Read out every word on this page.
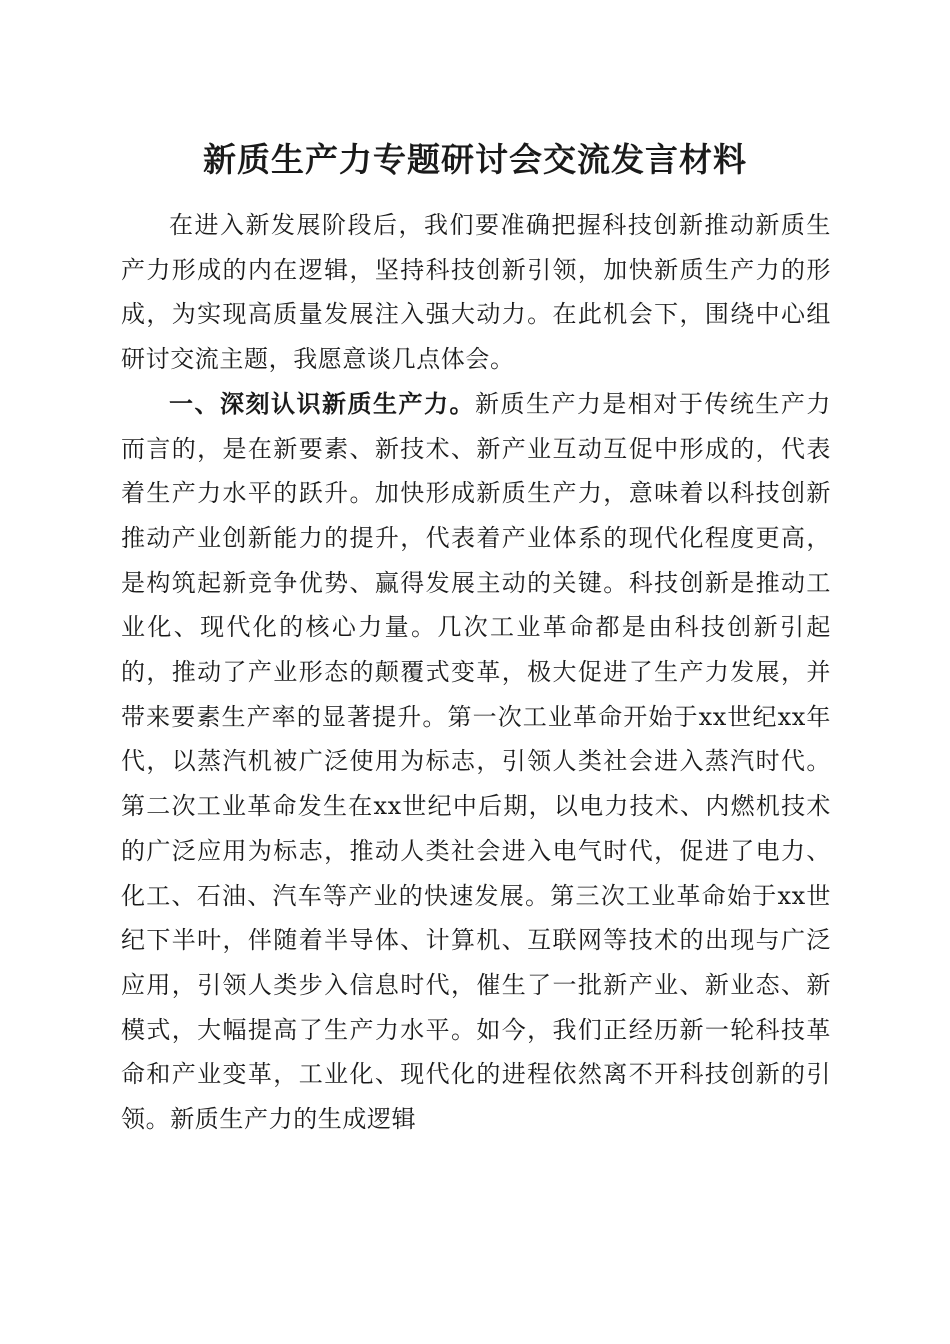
新质生产力专题研讨会交流发言材料

在进入新发展阶段后，我们要准确把握科技创新推动新质生产力形成的内在逻辑，坚持科技创新引领，加快新质生产力的形成，为实现高质量发展注入强大动力。在此机会下，围绕中心组研讨交流主题，我愿意谈几点体会。

一、深刻认识新质生产力。新质生产力是相对于传统生产力而言的，是在新要素、新技术、新产业互动互促中形成的，代表着生产力水平的跃升。加快形成新质生产力，意味着以科技创新推动产业创新能力的提升，代表着产业体系的现代化程度更高，是构筑起新竞争优势、赢得发展主动的关键。科技创新是推动工业化、现代化的核心力量。几次工业革命都是由科技创新引起的，推动了产业形态的颠覆式变革，极大促进了生产力发展，并带来要素生产率的显著提升。第一次工业革命开始于xx世纪xx年代，以蒸汽机被广泛使用为标志，引领人类社会进入蒸汽时代。第二次工业革命发生在xx世纪中后期，以电力技术、内燃机技术的广泛应用为标志，推动人类社会进入电气时代，促进了电力、化工、石油、汽车等产业的快速发展。第三次工业革命始于xx世纪下半叶，伴随着半导体、计算机、互联网等技术的出现与广泛应用，引领人类步入信息时代，催生了一批新产业、新业态、新模式，大幅提高了生产力水平。如今，我们正经历新一轮科技革命和产业变革，工业化、现代化的进程依然离不开科技创新的引领。新质生产力的生成逻辑
